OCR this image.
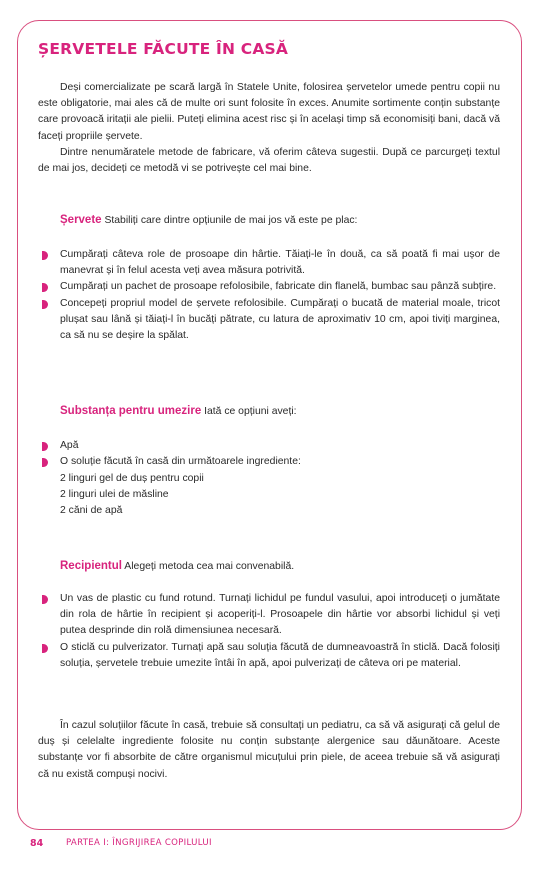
ȘERVETELE FĂCUTE ÎN CASĂ

Deși comercializate pe scară largă în Statele Unite, folosirea șervetelor umede pentru copii nu este obligatorie, mai ales că de multe ori sunt folosite în exces. Anumite sortimente conțin substanțe care provoacă iritații ale pielii. Puteți elimina acest risc și în același timp să economisiți bani, dacă vă faceți propriile șervete.

Dintre nenumăratele metode de fabricare, vă oferim câteva sugestii. După ce parcurgeți textul de mai jos, decideți ce metodă vi se potrivește cel mai bine.

Șervete Stabiliți care dintre opțiunile de mai jos vă este pe plac:
Cumpărați câteva role de prosoape din hârtie. Tăiați-le în două, ca să poată fi mai ușor de manevrat și în felul acesta veți avea măsura potrivită.
Cumpărați un pachet de prosoape refolosibile, fabricate din flanelă, bumbac sau pânză subțire.
Concepeți propriul model de șervete refolosibile. Cumpărați o bucată de material moale, tricot plușat sau lână și tăiați-l în bucăți pătrate, cu latura de aproximativ 10 cm, apoi tiviți marginea, ca să nu se deșire la spălat.
Substanța pentru umezire Iată ce opțiuni aveți:
Apă
O soluție făcută în casă din următoarele ingrediente:
2 linguri gel de duș pentru copii
2 linguri ulei de măsline
2 căni de apă
Recipientul Alegeți metoda cea mai convenabilă.
Un vas de plastic cu fund rotund. Turnați lichidul pe fundul vasului, apoi introduceți o jumătate din rola de hârtie în recipient și acoperiți-l. Prosoapele din hârtie vor absorbi lichidul și veți putea desprinde din rolă dimensiunea necesară.
O sticlă cu pulverizator. Turnați apă sau soluția făcută de dumneavoastră în sticlă. Dacă folosiți soluția, șervetele trebuie umezite întâi în apă, apoi pulverizați de câteva ori pe material.

În cazul soluțiilor făcute în casă, trebuie să consultați un pediatru, ca să vă asigurați că gelul de duș și celelalte ingrediente folosite nu conțin substanțe alergenice sau dăunătoare. Aceste substanțe vor fi absorbite de către organismul micuțului prin piele, de aceea trebuie să vă asigurați că nu există compuși nocivi.

84	PARTEA I: ÎNGRIJIREA COPILULUI
